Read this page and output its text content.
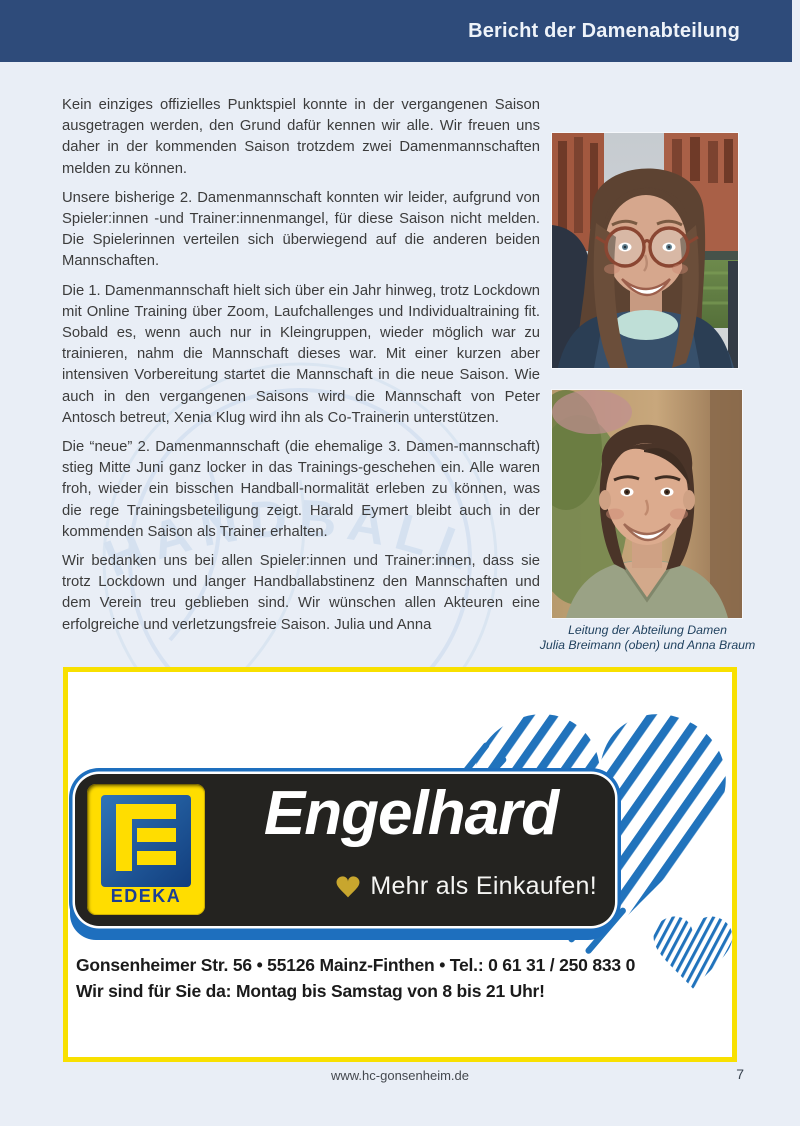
Bericht der Damenabteilung
HANDBALL

Kein einziges offizielles Punktspiel konnte in der vergangenen Saison ausgetragen werden, den Grund dafür kennen wir alle. Wir freuen uns daher in der kommenden Saison trotzdem zwei Damenmannschaften melden zu können.

Unsere bisherige 2. Damenmannschaft konnten wir leider, aufgrund von Spieler:innen -und Trainer:innenmangel, für diese Saison nicht melden. Die Spielerinnen verteilen sich überwiegend auf die anderen beiden Mannschaften.

Die 1. Damenmannschaft hielt sich über ein Jahr hinweg, trotz Lockdown mit Online Training über Zoom, Laufchallenges und Individualtraining fit. Sobald es, wenn auch nur in Kleingruppen, wieder möglich war zu trainieren, nahm die Mannschaft dieses war. Mit einer kurzen aber intensiven Vorbereitung startet die Mannschaft in die neue Saison. Wie auch in den vergangenen Saisons wird die Mannschaft von Peter Antosch betreut, Xenia Klug wird ihn als Co-Trainerin unterstützen.

Die “neue” 2. Damenmannschaft (die ehemalige 3. Damen-mannschaft) stieg Mitte Juni ganz locker in das Trainings-geschehen ein. Alle waren froh, wieder ein bisschen Handball-normalität erleben zu können, was die rege Trainingsbeteiligung zeigt. Harald Eymert bleibt auch in der kommenden Saison als Trainer erhalten.

Wir bedanken uns bei allen Spieler:innen und Trainer:innen, dass sie trotz Lockdown und langer Handballabstinenz den Mannschaften und dem Verein treu geblieben sind. Wir wünschen allen Akteuren eine erfolgreiche und verletzungsfreie Saison. Julia und Anna	Leitung der Abteilung Damen
Julia Breimann (oben) und Anna Braum
EDEKA
Engelhard
Mehr als Einkaufen!
Gonsenheimer Str. 56 • 55126 Mainz-Finthen • Tel.: 0 61 31 / 250 833 0
Wir sind für Sie da: Montag bis Samstag von 8 bis 21 Uhr!
www.hc-gonsenheim.de	7
